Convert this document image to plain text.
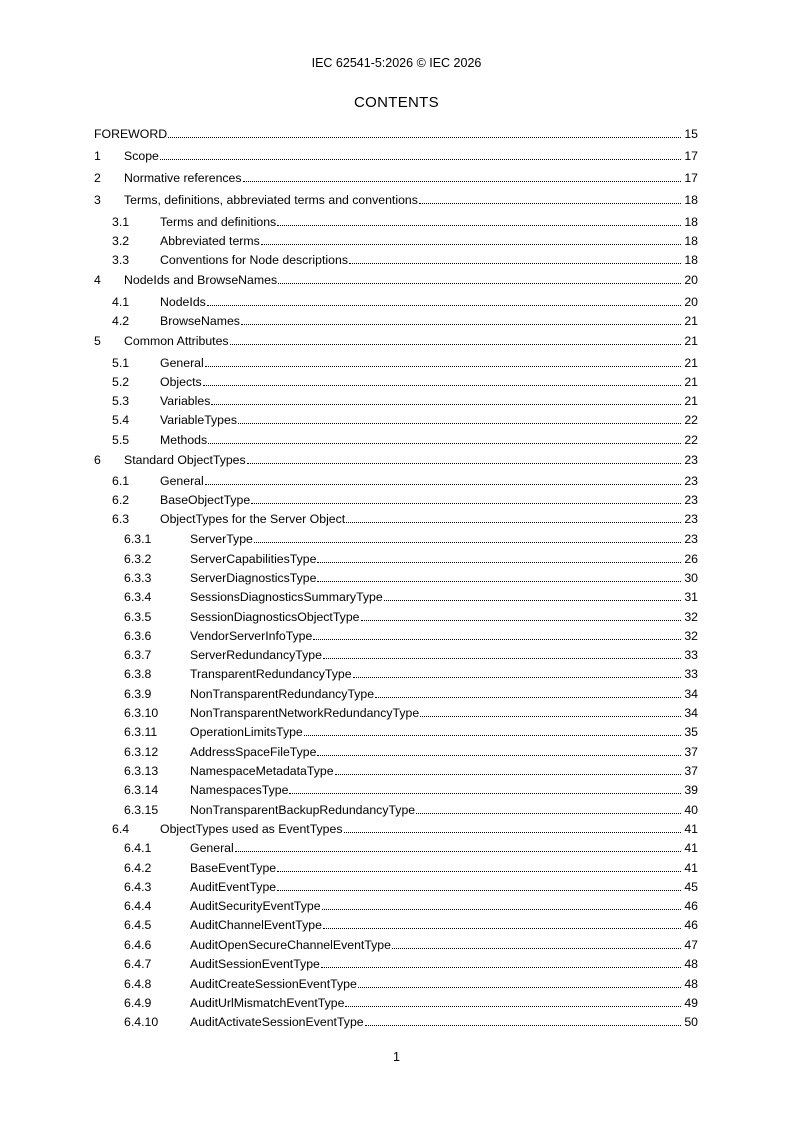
IEC 62541-5:2026 © IEC 2026
CONTENTS
FOREWORD	15
1 Scope	17
2 Normative references	17
3 Terms, definitions, abbreviated terms and conventions	18
3.1	Terms and definitions	18
3.2	Abbreviated terms	18
3.3	Conventions for Node descriptions	18
4 NodeIds and BrowseNames	20
4.1	NodeIds	20
4.2	BrowseNames	21
5 Common Attributes	21
5.1	General	21
5.2	Objects	21
5.3	Variables	21
5.4	VariableTypes	22
5.5	Methods	22
6 Standard ObjectTypes	23
6.1	General	23
6.2	BaseObjectType	23
6.3	ObjectTypes for the Server Object	23
6.3.1	ServerType	23
6.3.2	ServerCapabilitiesType	26
6.3.3	ServerDiagnosticsType	30
6.3.4	SessionsDiagnosticsSummaryType	31
6.3.5	SessionDiagnosticsObjectType	32
6.3.6	VendorServerInfoType	32
6.3.7	ServerRedundancyType	33
6.3.8	TransparentRedundancyType	33
6.3.9	NonTransparentRedundancyType	34
6.3.10	NonTransparentNetworkRedundancyType	34
6.3.11	OperationLimitsType	35
6.3.12	AddressSpaceFileType	37
6.3.13	NamespaceMetadataType	37
6.3.14	NamespacesType	39
6.3.15	NonTransparentBackupRedundancyType	40
6.4	ObjectTypes used as EventTypes	41
6.4.1	General	41
6.4.2	BaseEventType	41
6.4.3	AuditEventType	45
6.4.4	AuditSecurityEventType	46
6.4.5	AuditChannelEventType	46
6.4.6	AuditOpenSecureChannelEventType	47
6.4.7	AuditSessionEventType	48
6.4.8	AuditCreateSessionEventType	48
6.4.9	AuditUrlMismatchEventType	49
6.4.10	AuditActivateSessionEventType	50
1
